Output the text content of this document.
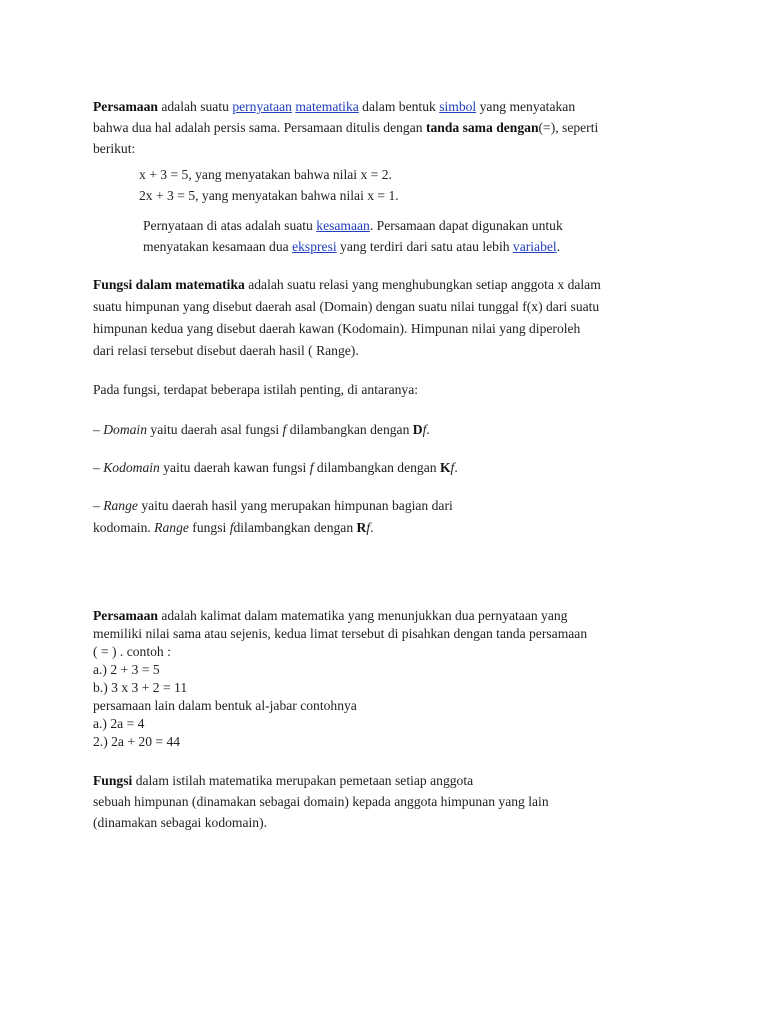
Persamaan adalah suatu pernyataan matematika dalam bentuk simbol yang menyatakan
bahwa dua hal adalah persis sama. Persamaan ditulis dengan tanda sama dengan(=), seperti
berikut:

x + 3 = 5, yang menyatakan bahwa nilai x = 2.
2x + 3 = 5, yang menyatakan bahwa nilai x = 1.

Pernyataan di atas adalah suatu kesamaan. Persamaan dapat digunakan untuk
menyatakan kesamaan dua ekspresi yang terdiri dari satu atau lebih variabel.

Fungsi dalam matematika adalah suatu relasi yang menghubungkan setiap anggota x dalam
suatu himpunan yang disebut daerah asal (Domain) dengan suatu nilai tunggal f(x) dari suatu
himpunan kedua yang disebut daerah kawan (Kodomain). Himpunan nilai yang diperoleh
dari relasi tersebut disebut daerah hasil ( Range).

Pada fungsi, terdapat beberapa istilah penting, di antaranya:

– Domain yaitu daerah asal fungsi f dilambangkan dengan Df.

– Kodomain yaitu daerah kawan fungsi f dilambangkan dengan Kf.

– Range yaitu daerah hasil yang merupakan himpunan bagian dari
kodomain. Range fungsi fdilambangkan dengan Rf.

Persamaan adalah kalimat dalam matematika yang menunjukkan dua pernyataan yang
memiliki nilai sama atau sejenis, kedua limat tersebut di pisahkan dengan tanda persamaan
( = ) . contoh :
a.) 2 + 3 = 5
b.) 3 x 3 + 2 = 11
persamaan lain dalam bentuk al-jabar contohnya
a.) 2a = 4
2.) 2a + 20 = 44

Fungsi dalam istilah matematika merupakan pemetaan setiap anggota
sebuah himpunan (dinamakan sebagai domain) kepada anggota himpunan yang lain
(dinamakan sebagai kodomain).
